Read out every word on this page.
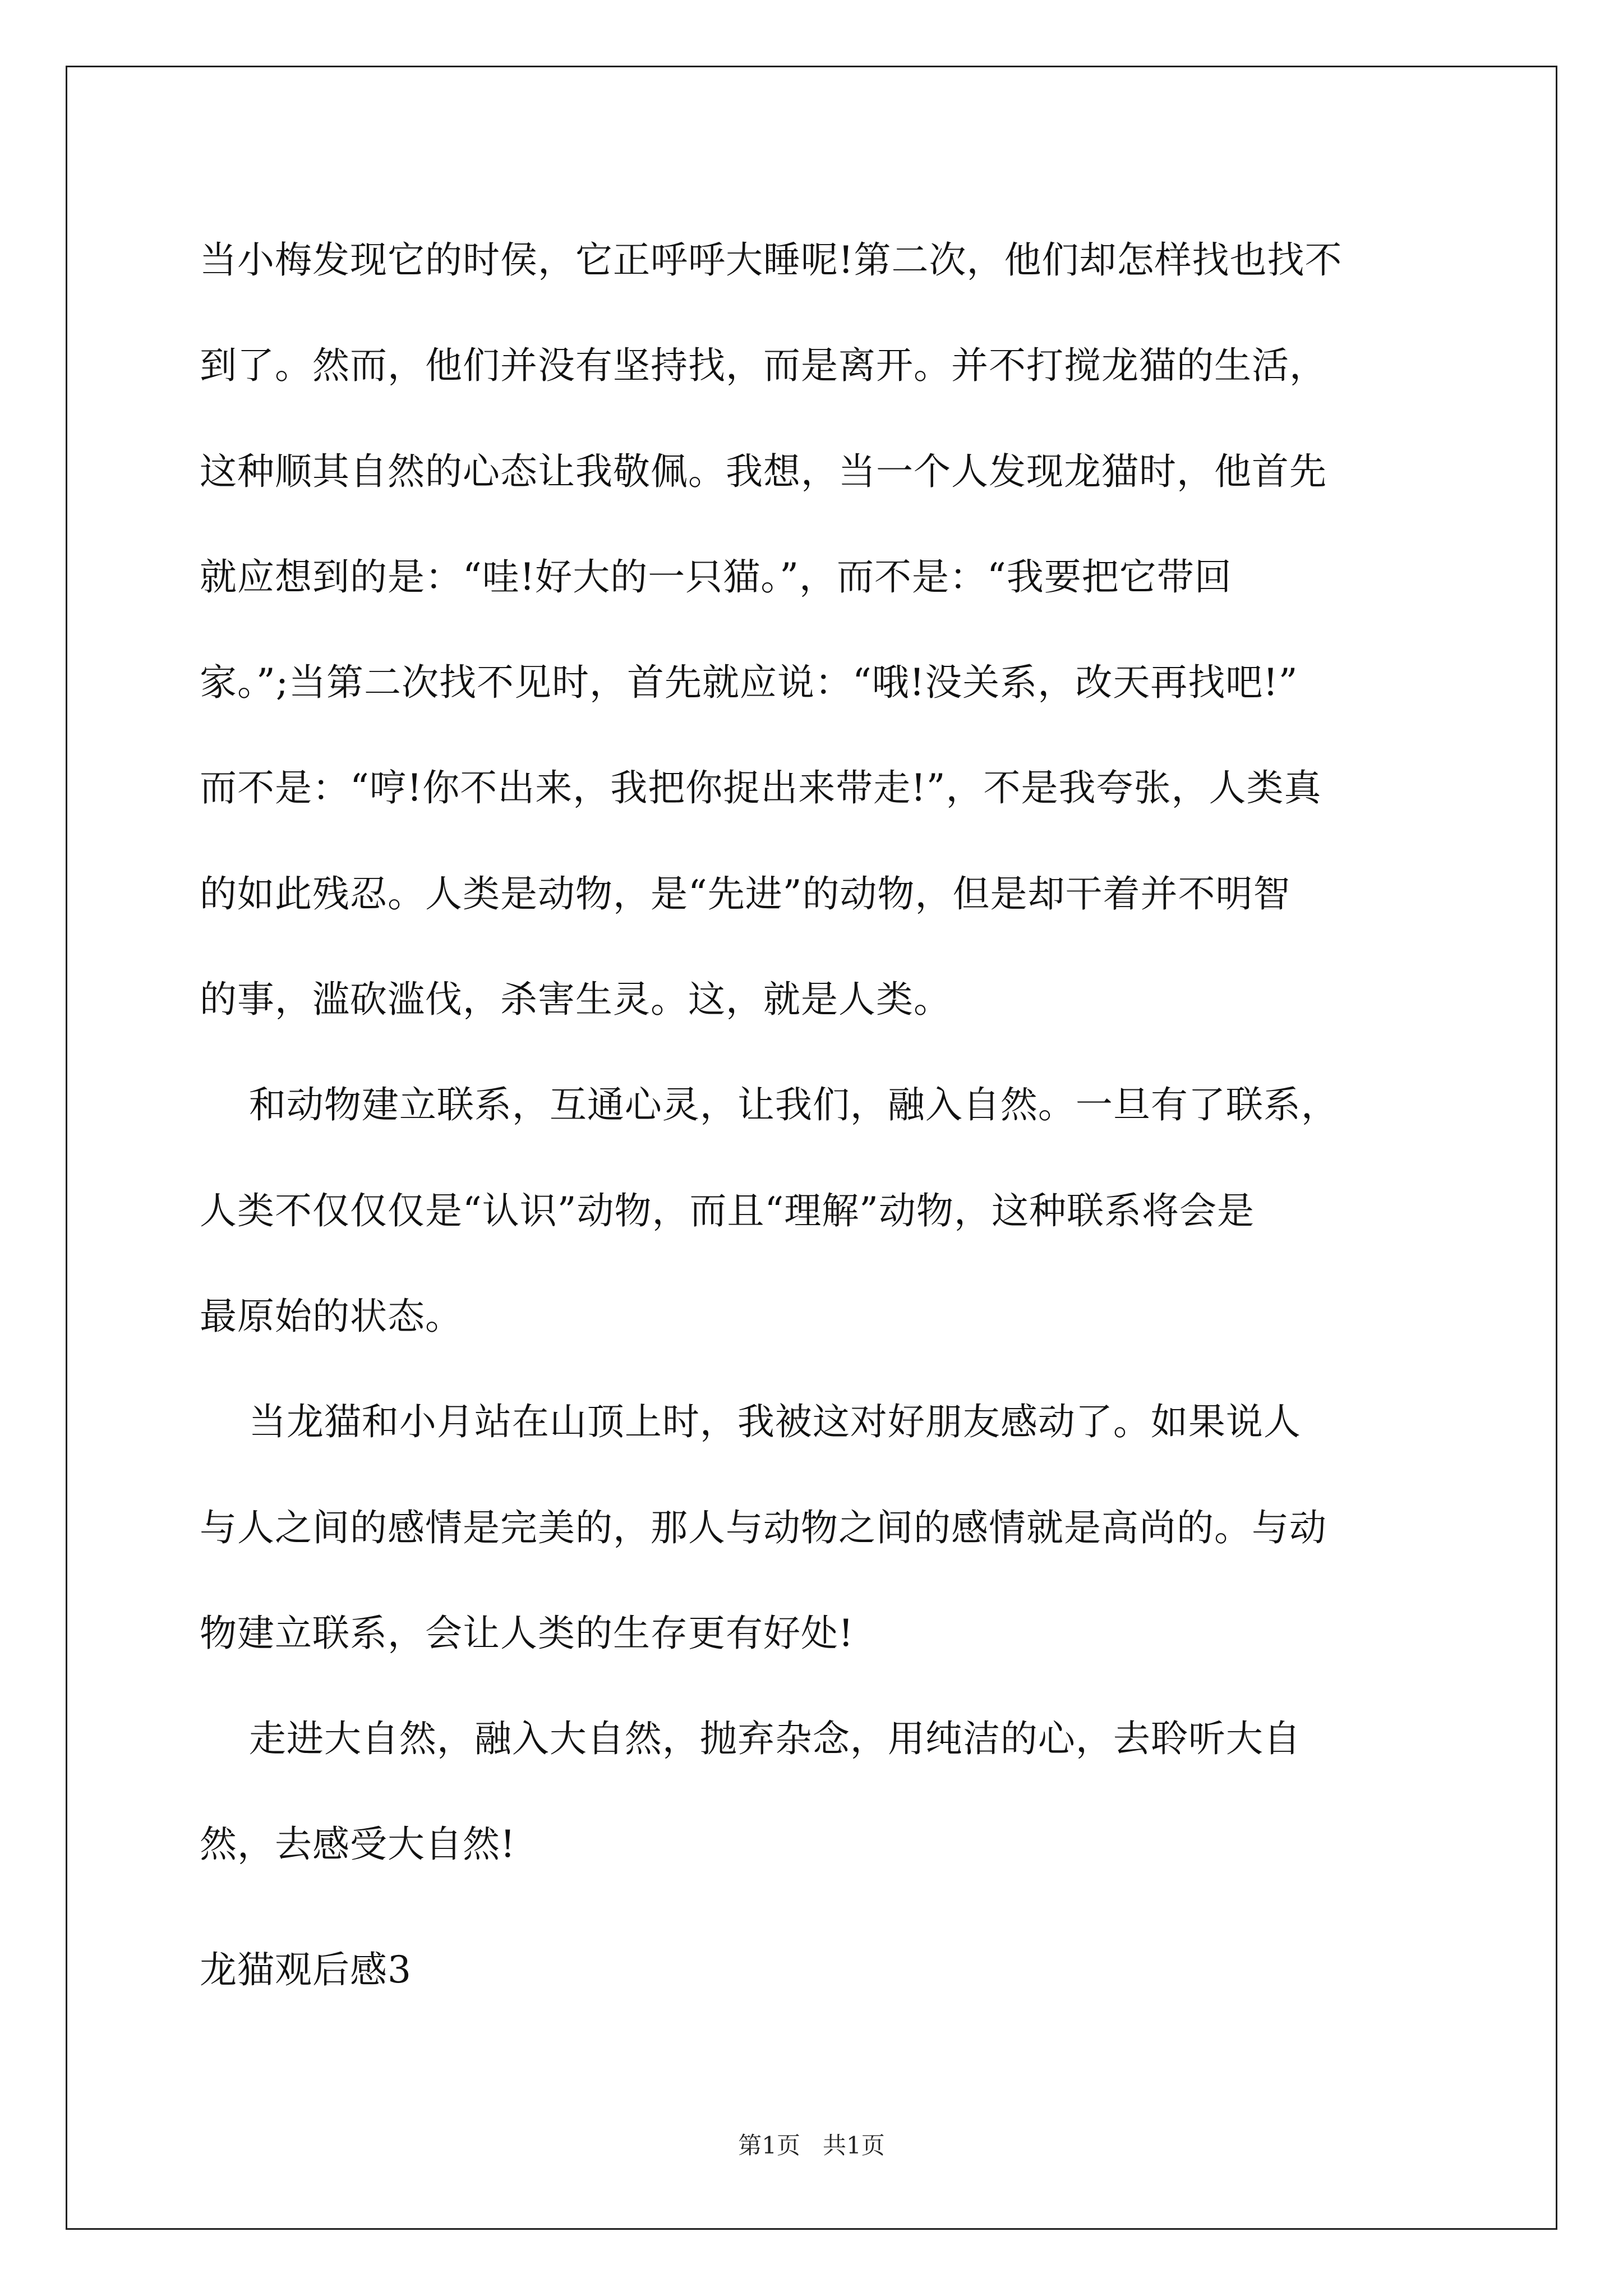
当小梅发现它的时侯，它正呼呼大睡呢!第二次，他们却怎样找也找不

到了。然而，他们并没有坚持找，而是离开。并不打搅龙猫的生活，

这种顺其自然的心态让我敬佩。我想，当一个人发现龙猫时，他首先

就应想到的是：“哇!好大的一只猫。”，而不是：“我要把它带回

家。”;当第二次找不见时，首先就应说：“哦!没关系，改天再找吧!”

而不是：“哼!你不出来，我把你捉出来带走!”，不是我夸张，人类真

的如此残忍。人类是动物，是“先进”的动物，但是却干着并不明智

的事，滥砍滥伐，杀害生灵。这，就是人类。

和动物建立联系，互通心灵，让我们，融入自然。一旦有了联系，

人类不仅仅仅是“认识”动物，而且“理解”动物，这种联系将会是

最原始的状态。

当龙猫和小月站在山顶上时，我被这对好朋友感动了。如果说人

与人之间的感情是完美的，那人与动物之间的感情就是高尚的。与动

物建立联系，会让人类的生存更有好处!

走进大自然，融入大自然，抛弃杂念，用纯洁的心，去聆听大自

然，去感受大自然!

龙猫观后感3
第1页   共1页
